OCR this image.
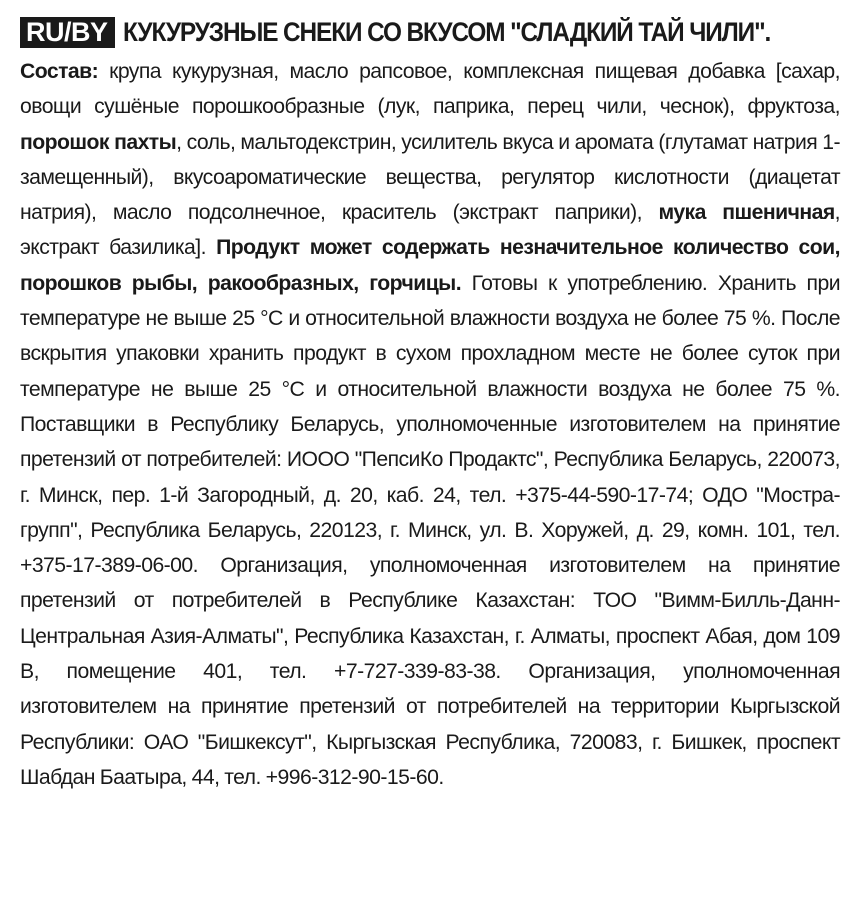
RU/BY КУКУРУЗНЫЕ СНЕКИ СО ВКУСОМ "СЛАДКИЙ ТАЙ ЧИЛИ".
Состав: крупа кукурузная, масло рапсовое, комплексная пищевая добавка [сахар, овощи сушёные порошкообразные (лук, паприка, перец чили, чеснок), фруктоза, порошок пахты, соль, мальтодекстрин, усилитель вкуса и аромата (глутамат натрия 1-замещенный), вкусоароматические вещества, регулятор кислотности (диацетат натрия), масло подсолнечное, краситель (экстракт паприки), мука пшеничная, экстракт базилика]. Продукт может содержать незначительное количество сои, порошков рыбы, ракообразных, горчицы. Готовы к употреблению. Хранить при температуре не выше 25 °С и относительной влажности воздуха не более 75 %. После вскрытия упаковки хранить продукт в сухом прохладном месте не более суток при температуре не выше 25 °С и относительной влажности воздуха не более 75 %. Поставщики в Республику Беларусь, уполномоченные изготовителем на принятие претензий от потребителей: ИООО "ПепсиКо Продактс", Республика Беларусь, 220073, г. Минск, пер. 1-й Загородный, д. 20, каб. 24, тел. +375-44-590-17-74; ОДО "Мостра-групп", Республика Беларусь, 220123, г. Минск, ул. В. Хоружей, д. 29, комн. 101, тел. +375-17-389-06-00. Организация, уполномоченная изготовителем на принятие претензий от потребителей в Республике Казахстан: ТОО "Вимм-Билль-Данн-Центральная Азия-Алматы", Республика Казахстан, г. Алматы, проспект Абая, дом 109 В, помещение 401, тел. +7-727-339-83-38. Организация, уполномоченная изготовителем на принятие претензий от потребителей на территории Кыргызской Республики: ОАО "Бишкексут", Кыргызская Республика, 720083, г. Бишкек, проспект Шабдан Баатыра, 44, тел. +996-312-90-15-60.
